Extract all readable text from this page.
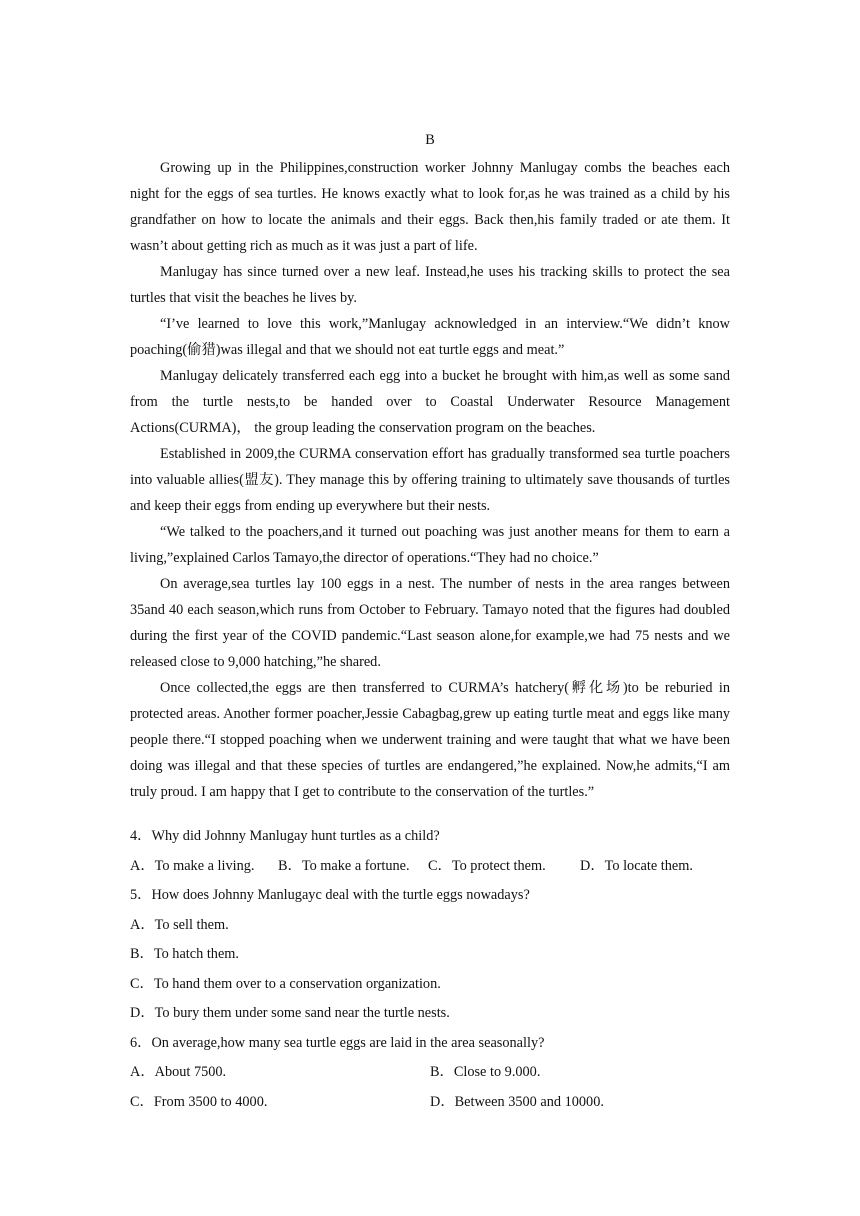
B

Growing up in the Philippines,construction worker Johnny Manlugay combs the beaches each night for the eggs of sea turtles. He knows exactly what to look for,as he was trained as a child by his grandfather on how to locate the animals and their eggs. Back then,his family traded or ate them. It wasn’t about getting rich as much as it was just a part of life.

Manlugay has since turned over a new leaf. Instead,he uses his tracking skills to protect the sea turtles that visit the beaches he lives by.

“I’ve learned to love this work,”Manlugay acknowledged in an interview.“We didn’t know poaching(偷猎)was illegal and that we should not eat turtle eggs and meat.”

Manlugay delicately transferred each egg into a bucket he brought with him,as well as some sand from the turtle nests,to be handed over to Coastal Underwater Resource Management Actions(CURMA)， the group leading the conservation program on the beaches.

Established in 2009,the CURMA conservation effort has gradually transformed sea turtle poachers into valuable allies(盟友). They manage this by offering training to ultimately save thousands of turtles and keep their eggs from ending up everywhere but their nests.

“We talked to the poachers,and it turned out poaching was just another means for them to earn a living,”explained Carlos Tamayo,the director of operations.“They had no choice.”

On average,sea turtles lay 100 eggs in a nest. The number of nests in the area ranges between 35and 40 each season,which runs from October to February. Tamayo noted that the figures had doubled during the first year of the COVID pandemic.“Last season alone,for example,we had 75 nests and we released close to 9,000 hatching,”he shared.

Once collected,the eggs are then transferred to CURMA’s hatchery(孵化场)to be reburied in protected areas. Another former poacher,Jessie Cabagbag,grew up eating turtle meat and eggs like many people there.“I stopped poaching when we underwent training and were taught that what we have been doing was illegal and that these species of turtles are endangered,”he explained. Now,he admits,“I am truly proud. I am happy that I get to contribute to the conservation of the turtles.”

4．Why did Johnny Manlugay hunt turtles as a child?

A．To make a living. B．To make a fortune. C．To protect them. D．To locate them.

5．How does Johnny Manlugayc deal with the turtle eggs nowadays?

A．To sell them.

B．To hatch them.

C．To hand them over to a conservation organization.

D．To bury them under some sand near the turtle nests.

6．On average,how many sea turtle eggs are laid in the area seasonally?

A．About 7500.	B．Close to 9.000.

C．From 3500 to 4000.	D．Between 3500 and 10000.
